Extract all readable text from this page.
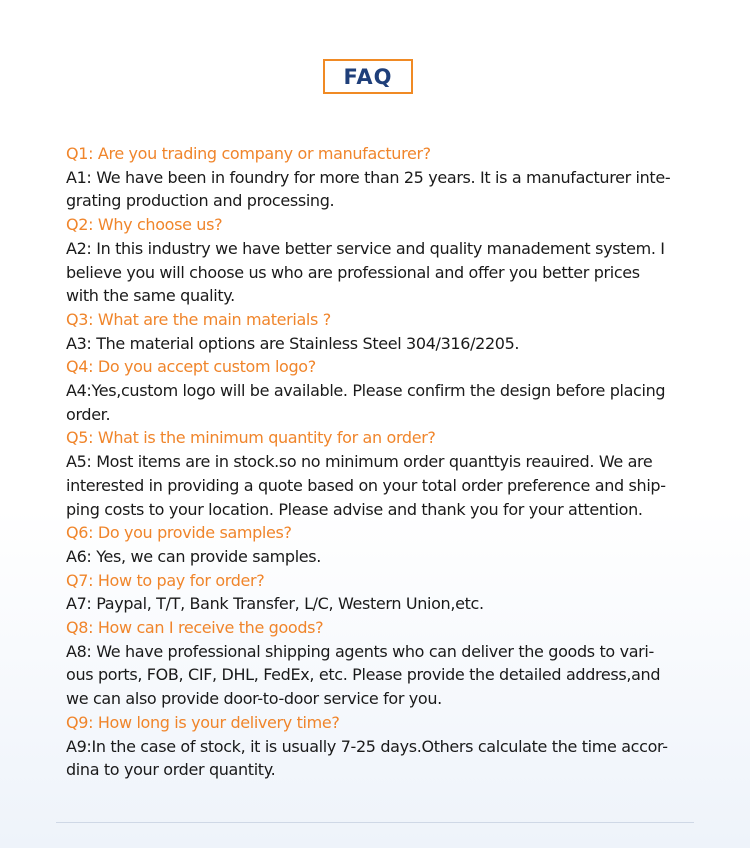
FAQ
Q1: Are you trading company or manufacturer?
A1: We have been in foundry for more than 25 years. It is a manufacturer inte-
grating production and processing.
Q2: Why choose us?
A2: In this industry we have better service and quality manadement system. I
believe you will choose us who are professional and offer you better prices
with the same quality.
Q3: What are the main materials ?
A3: The material options are Stainless Steel 304/316/2205.
Q4: Do you accept custom logo?
A4:Yes,custom logo will be available. Please confirm the design before placing
order.
Q5: What is the minimum quantity for an order?
A5: Most items are in stock.so no minimum order quanttyis reauired. We are
interested in providing a quote based on your total order preference and ship-
ping costs to your location. Please advise and thank you for your attention.
Q6: Do you provide samples?
A6: Yes, we can provide samples.
Q7: How to pay for order?
A7: Paypal, T/T, Bank Transfer, L/C, Western Union,etc.
Q8: How can I receive the goods?
A8: We have professional shipping agents who can deliver the goods to vari-
ous ports, FOB, CIF, DHL, FedEx, etc. Please provide the detailed address,and
we can also provide door-to-door service for you.
Q9: How long is your delivery time?
A9:In the case of stock, it is usually 7-25 days.Others calculate the time accor-
dina to your order quantity.
